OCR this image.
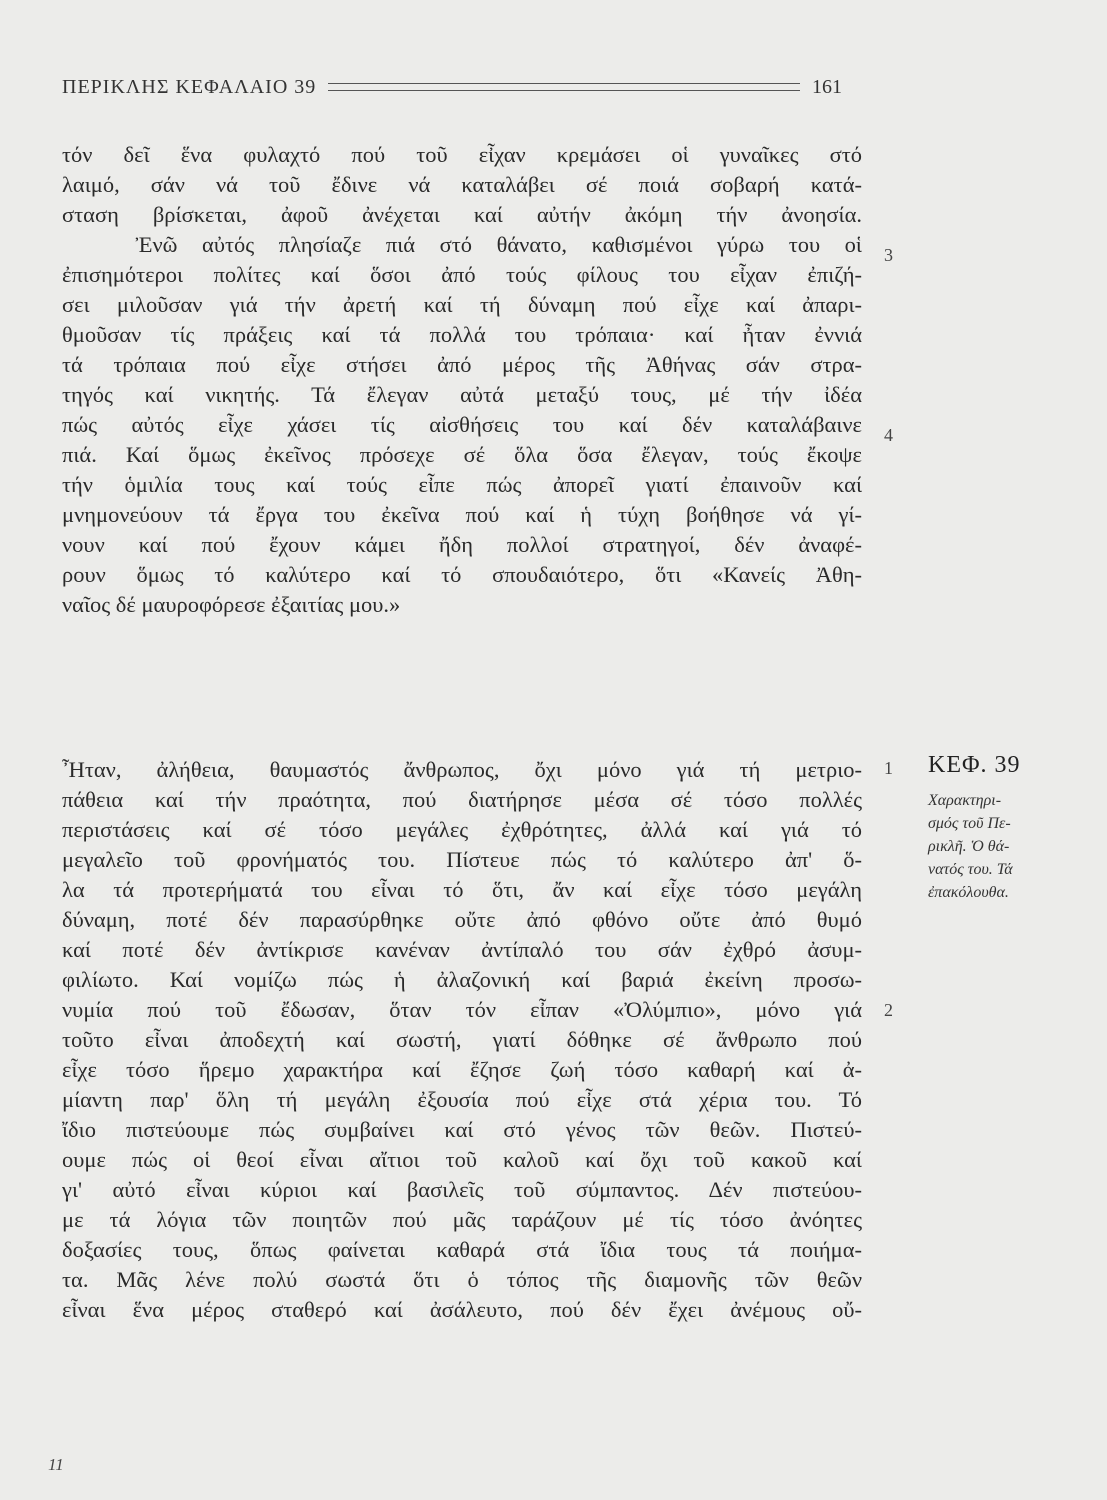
ΠΕΡΙΚΛΗΣ ΚΕΦΑΛΑΙΟ 39	161
τόν δεῖ ἕνα φυλαχτό πού τοῦ εἶχαν κρεμάσει οἱ γυναῖκες στό
λαιμό, σάν νά τοῦ ἔδινε νά καταλάβει σέ ποιά σοβαρή κατά-
σταση βρίσκεται, ἀφοῦ ἀνέχεται καί αὐτήν ἀκόμη τήν ἀνοησία.
Ἐνῶ αὐτός πλησίαζε πιά στό θάνατο, καθισμένοι γύρω του οἱ
ἐπισημότεροι πολίτες καί ὅσοι ἀπό τούς φίλους του εἶχαν ἐπιζή-
σει μιλοῦσαν γιά τήν ἀρετή καί τή δύναμη πού εἶχε καί ἀπαρι-
θμοῦσαν τίς πράξεις καί τά πολλά του τρόπαια· καί ἦταν ἐννιά
τά τρόπαια πού εἶχε στήσει ἀπό μέρος τῆς Ἀθήνας σάν στρα-
τηγός καί νικητής. Τά ἔλεγαν αὐτά μεταξύ τους, μέ τήν ἰδέα
πώς αὐτός εἶχε χάσει τίς αἰσθήσεις του καί δέν καταλάβαινε
πιά. Καί ὅμως ἐκεῖνος πρόσεχε σέ ὅλα ὅσα ἔλεγαν, τούς ἔκοψε
τήν ὁμιλία τους καί τούς εἶπε πώς ἀπορεῖ γιατί ἐπαινοῦν καί
μνημονεύουν τά ἔργα του ἐκεῖνα πού καί ἡ τύχη βοήθησε νά γί-
νουν καί πού ἔχουν κάμει ἤδη πολλοί στρατηγοί, δέν ἀναφέ-
ρουν ὅμως τό καλύτερο καί τό σπουδαιότερο, ὅτι «Κανείς Ἀθη-
ναῖος δέ μαυροφόρεσε ἐξαιτίας μου.»
3
4
Ἦταν, ἀλήθεια, θαυμαστός ἄνθρωπος, ὄχι μόνο γιά τή μετριο-
πάθεια καί τήν πραότητα, πού διατήρησε μέσα σέ τόσο πολλές
περιστάσεις καί σέ τόσο μεγάλες ἐχθρότητες, ἀλλά καί γιά τό
μεγαλεῖο τοῦ φρονήματός του. Πίστευε πώς τό καλύτερο ἀπ' ὅ-
λα τά προτερήματά του εἶναι τό ὅτι, ἄν καί εἶχε τόσο μεγάλη
δύναμη, ποτέ δέν παρασύρθηκε οὔτε ἀπό φθόνο οὔτε ἀπό θυμό
καί ποτέ δέν ἀντίκρισε κανέναν ἀντίπαλό του σάν ἐχθρό ἀσυμ-
φιλίωτο. Καί νομίζω πώς ἡ ἀλαζονική καί βαριά ἐκείνη προσω-
νυμία πού τοῦ ἔδωσαν, ὅταν τόν εἶπαν «Ὀλύμπιο», μόνο γιά
τοῦτο εἶναι ἀποδεχτή καί σωστή, γιατί δόθηκε σέ ἄνθρωπο πού
εἶχε τόσο ἥρεμο χαρακτήρα καί ἔζησε ζωή τόσο καθαρή καί ἀ-
μίαντη παρ' ὅλη τή μεγάλη ἐξουσία πού εἶχε στά χέρια του. Τό
ἴδιο πιστεύουμε πώς συμβαίνει καί στό γένος τῶν θεῶν. Πιστεύ-
ουμε πώς οἱ θεοί εἶναι αἴτιοι τοῦ καλοῦ καί ὄχι τοῦ κακοῦ καί
γι' αὐτό εἶναι κύριοι καί βασιλεῖς τοῦ σύμπαντος. Δέν πιστεύου-
με τά λόγια τῶν ποιητῶν πού μᾶς ταράζουν μέ τίς τόσο ἀνόητες
δοξασίες τους, ὅπως φαίνεται καθαρά στά ἴδια τους τά ποιήμα-
τα. Μᾶς λένε πολύ σωστά ὅτι ὁ τόπος τῆς διαμονῆς τῶν θεῶν
εἶναι ἕνα μέρος σταθερό καί ἀσάλευτο, πού δέν ἔχει ἀνέμους οὔ-
1
2
ΚΕΦ. 39
Χαρακτηρι-
σμός τοῦ Πε-
ρικλῆ. Ὁ θά-
νατός του. Τά
ἐπακόλουθα.
11
